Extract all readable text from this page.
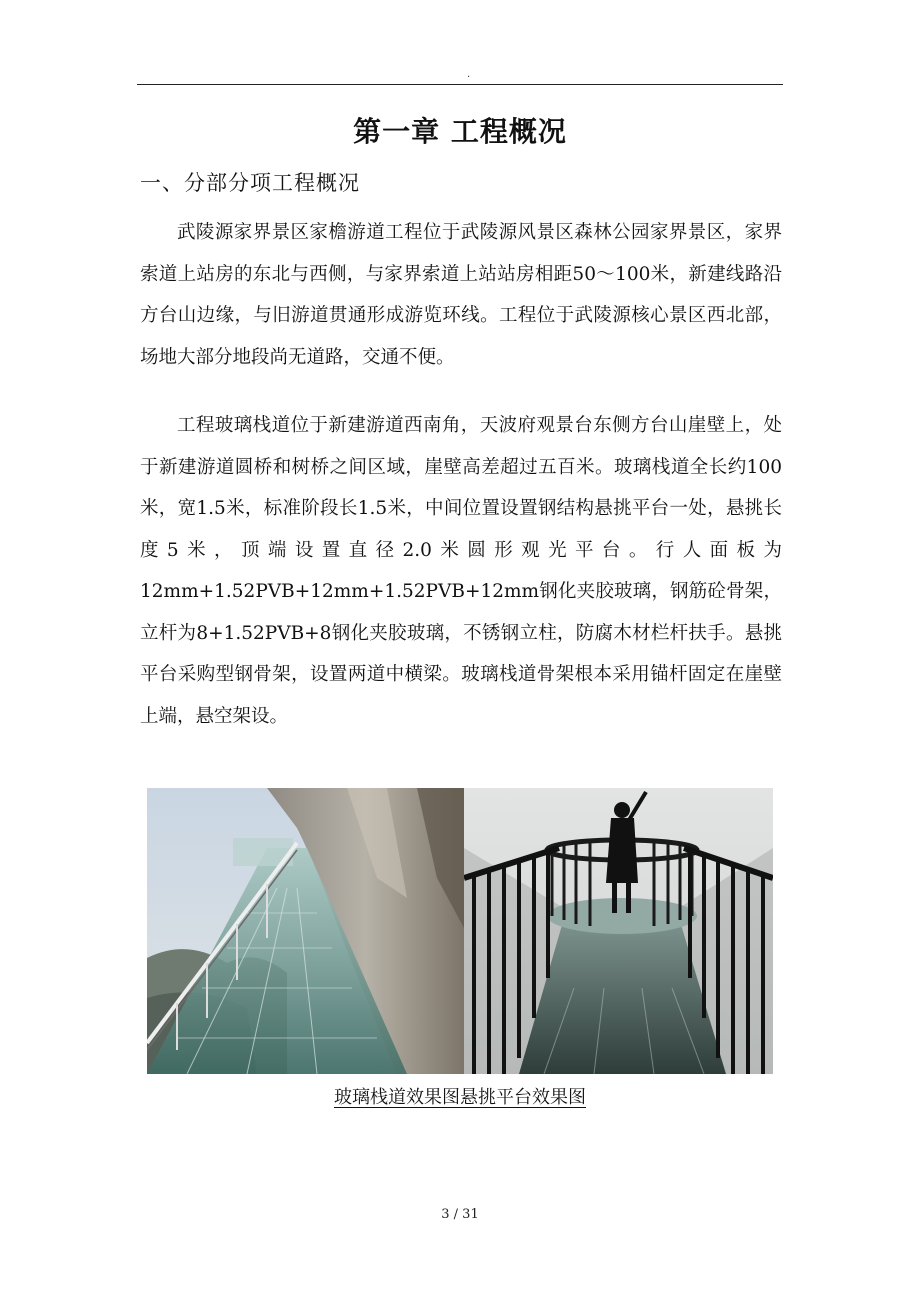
.
第一章 工程概况
一、分部分项工程概况

武陵源家界景区家檐游道工程位于武陵源风景区森林公园家界景区，家界索道上站房的东北与西侧，与家界索道上站站房相距50～100米，新建线路沿方台山边缘，与旧游道贯通形成游览环线。工程位于武陵源核心景区西北部，场地大部分地段尚无道路，交通不便。

工程玻璃栈道位于新建游道西南角，天波府观景台东侧方台山崖壁上，处于新建游道圆桥和树桥之间区域，崖壁高差超过五百米。玻璃栈道全长约100米，宽1.5米，标准阶段长1.5米，中间位置设置钢结构悬挑平台一处，悬挑长度5米，顶端设置直径2.0米圆形观光平台。行人面板为12mm+1.52PVB+12mm+1.52PVB+12mm钢化夹胶玻璃，钢筋砼骨架，立杆为8+1.52PVB+8钢化夹胶玻璃，不锈钢立柱，防腐木材栏杆扶手。悬挑平台采购型钢骨架，设置两道中横梁。玻璃栈道骨架根本采用锚杆固定在崖壁上端，悬空架设。

玻璃栈道效果图悬挑平台效果图
3 / 31
